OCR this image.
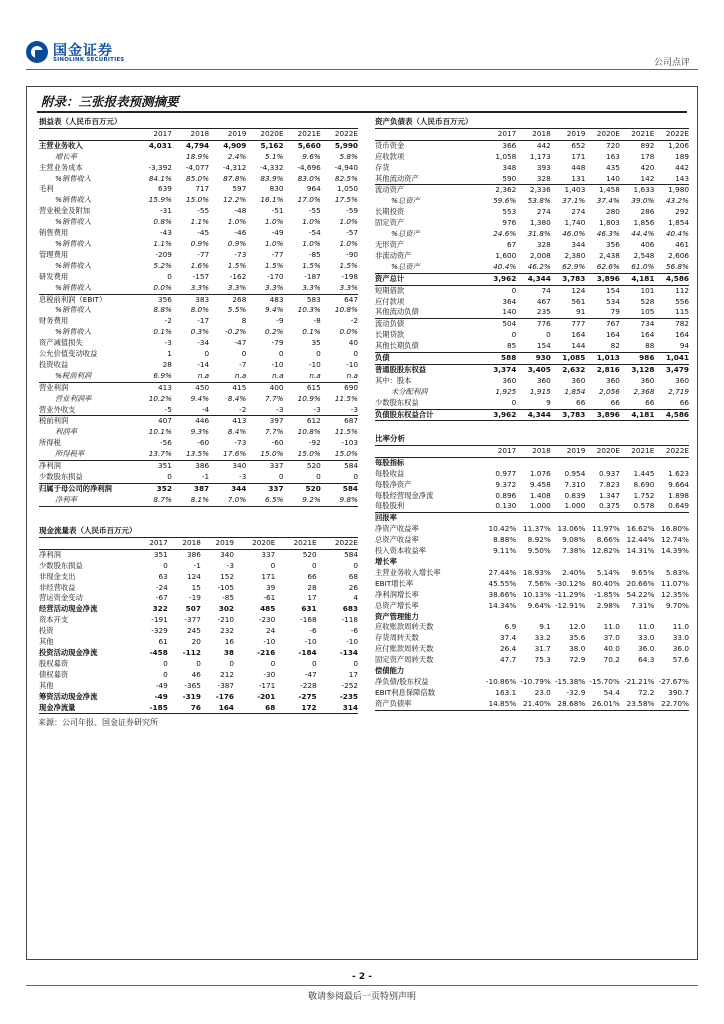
国金证券
SINOLINK SECURITIES	公司点评
附录：三张报表预测摘要
损益表（人民币百万元）						
	2017	2018	2019	2020E	2021E	2022E
主营业务收入	4,031	4,794	4,909	5,162	5,660	5,990
增长率		18.9%	2.4%	5.1%	9.6%	5.8%
主营业务成本	-3,392	-4,077	-4,312	-4,332	-4,696	-4,940
%销售收入	84.1%	85.0%	87.8%	83.9%	83.0%	82.5%
毛利	639	717	597	830	964	1,050
%销售收入	15.9%	15.0%	12.2%	16.1%	17.0%	17.5%
营业税金及附加	-31	-55	-48	-51	-55	-59
%销售收入	0.8%	1.1%	1.0%	1.0%	1.0%	1.0%
销售费用	-43	-45	-46	-49	-54	-57
%销售收入	1.1%	0.9%	0.9%	1.0%	1.0%	1.0%
管理费用	-209	-77	-73	-77	-85	-90
%销售收入	5.2%	1.6%	1.5%	1.5%	1.5%	1.5%
研发费用	0	-157	-162	-170	-187	-198
%销售收入	0.0%	3.3%	3.3%	3.3%	3.3%	3.3%
息税前利润（EBIT）	356	383	268	483	583	647
%销售收入	8.8%	8.0%	5.5%	9.4%	10.3%	10.8%
财务费用	-2	-17	8	-9	-8	-2
%销售收入	0.1%	0.3%	-0.2%	0.2%	0.1%	0.0%
资产减值损失	-3	-34	-47	-79	35	40
公允价值变动收益	1	0	0	0	0	0
投资收益	28	-14	-7	-10	-10	-10
%税前利润	6.9%	n.a	n.a	n.a	n.a	n.a
营业利润	413	450	415	400	615	690
营业利润率	10.2%	9.4%	8.4%	7.7%	10.9%	11.5%
营业外收支	-5	-4	-2	-3	-3	-3
税前利润	407	446	413	397	612	687
利润率	10.1%	9.3%	8.4%	7.7%	10.8%	11.5%
所得税	-56	-60	-73	-60	-92	-103
所得税率	13.7%	13.5%	17.6%	15.0%	15.0%	15.0%
净利润	351	386	340	337	520	584
少数股东损益	0	-1	-3	0	0	0
归属于母公司的净利润	352	387	344	337	520	584
净利率	8.7%	8.1%	7.0%	6.5%	9.2%	9.8%
资产负债表（人民币百万元）						
	2017	2018	2019	2020E	2021E	2022E
货币资金	366	442	652	720	892	1,206
应收款项	1,058	1,173	171	163	178	189
存货	348	393	448	435	420	442
其他流动资产	590	328	131	140	142	143
流动资产	2,362	2,336	1,403	1,458	1,633	1,980
%总资产	59.6%	53.8%	37.1%	37.4%	39.0%	43.2%
长期投资	553	274	274	280	286	292
固定资产	976	1,380	1,740	1,803	1,856	1,854
%总资产	24.6%	31.8%	46.0%	46.3%	44.4%	40.4%
无形资产	67	328	344	356	406	461
非流动资产	1,600	2,008	2,380	2,438	2,548	2,606
%总资产	40.4%	46.2%	62.9%	62.6%	61.0%	56.8%
资产总计	3,962	4,344	3,783	3,896	4,181	4,586
短期借款	0	74	124	154	101	112
应付款项	364	467	561	534	528	556
其他流动负债	140	235	91	79	105	115
流动负债	504	776	777	767	734	782
长期贷款	0	0	164	164	164	164
其他长期负债	85	154	144	82	88	94
负债	588	930	1,085	1,013	986	1,041
普通股股东权益	3,374	3,405	2,632	2,816	3,128	3,479
其中：股本	360	360	360	360	360	360
未分配利润	1,925	1,915	1,854	2,056	2,368	2,719
少数股东权益	0	9	66	66	66	66
负债股东权益合计	3,962	4,344	3,783	3,896	4,181	4,586
比率分析						
	2017	2018	2019	2020E	2021E	2022E
每股指标						
每股收益	0.977	1.076	0.954	0.937	1.445	1.623
每股净资产	9.372	9.458	7.310	7.823	8.690	9.664
每股经营现金净流	0.896	1.408	0.839	1.347	1.752	1.898
每股股利	0.130	1.000	1.000	0.375	0.578	0.649
回报率						
净资产收益率	10.42%	11.37%	13.06%	11.97%	16.62%	16.80%
总资产收益率	8.88%	8.92%	9.08%	8.66%	12.44%	12.74%
投入资本收益率	9.11%	9.50%	7.38%	12.82%	14.31%	14.39%
增长率						
主营业务收入增长率	27.44%	18.93%	2.40%	5.14%	9.65%	5.83%
EBIT增长率	45.55%	7.56%	-30.12%	80.40%	20.66%	11.07%
净利润增长率	38.66%	10.13%	-11.29%	-1.85%	54.22%	12.35%
总资产增长率	14.34%	9.64%	-12.91%	2.98%	7.31%	9.70%
资产管理能力						
应收账款周转天数	6.9	9.1	12.0	11.0	11.0	11.0
存货周转天数	37.4	33.2	35.6	37.0	33.0	33.0
应付账款周转天数	26.4	31.7	38.0	40.0	36.0	36.0
固定资产周转天数	47.7	75.3	72.9	70.2	64.3	57.6
偿债能力						
净负债/股东权益	-10.86%	-10.79%	-15.38%	-15.70%	-21.21%	-27.67%
EBIT利息保障倍数	163.1	23.0	-32.9	54.4	72.2	390.7
资产负债率	14.85%	21.40%	28.68%	26.01%	23.58%	22.70%
现金流量表（人民币百万元）						
	2017	2018	2019	2020E	2021E	2022E
净利润	351	386	340	337	520	584
少数股东损益	0	-1	-3	0	0	0
非现金支出	63	124	152	171	66	68
非经营收益	-24	15	-105	39	28	26
营运资金变动	-67	-19	-85	-61	17	4
经营活动现金净流	322	507	302	485	631	683
资本开支	-191	-377	-210	-230	-168	-118
投资	-329	245	232	24	-6	-6
其他	61	20	16	-10	-10	-10
投资活动现金净流	-458	-112	38	-216	-184	-134
股权募资	0	0	0	0	0	0
债权募资	0	46	212	-30	-47	17
其他	-49	-365	-387	-171	-228	-252
筹资活动现金净流	-49	-319	-176	-201	-275	-235
现金净流量	-185	76	164	68	172	314
来源：公司年报、国金证券研究所
- 2 -
敬请参阅最后一页特别声明
